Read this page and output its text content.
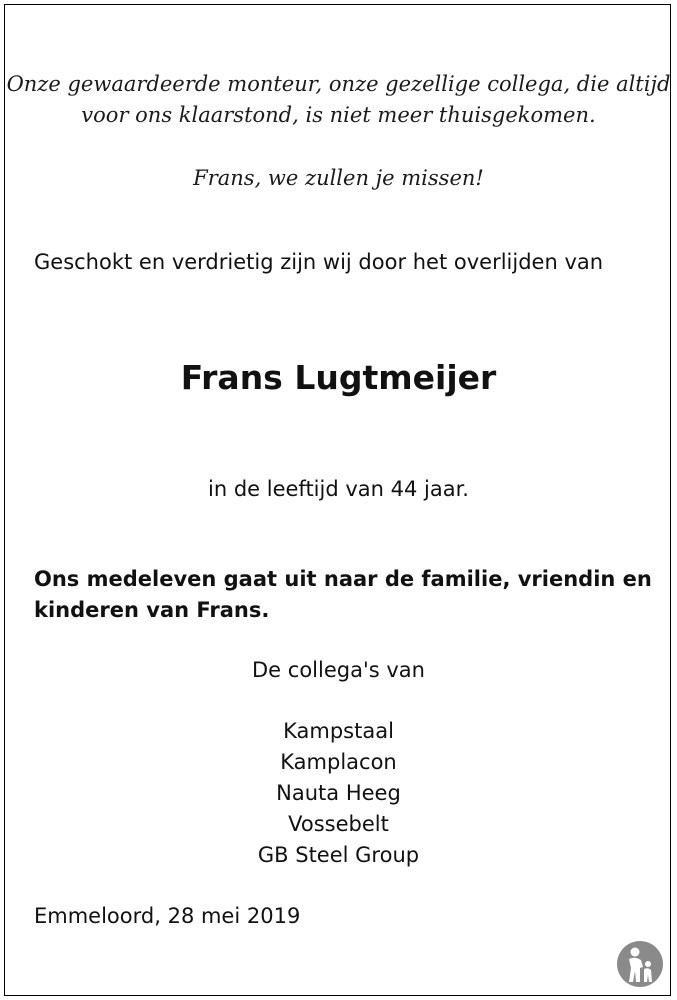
Onze gewaardeerde monteur, onze gezellige collega, die altijd
voor ons klaarstond, is niet meer thuisgekomen.
Frans, we zullen je missen!
Geschokt en verdrietig zijn wij door het overlijden van
Frans Lugtmeijer
in de leeftijd van 44 jaar.
Ons medeleven gaat uit naar de familie, vriendin en
kinderen van Frans.
De collega's van
Kampstaal
Kamplacon
Nauta Heeg
Vossebelt
GB Steel Group
Emmeloord, 28 mei 2019
